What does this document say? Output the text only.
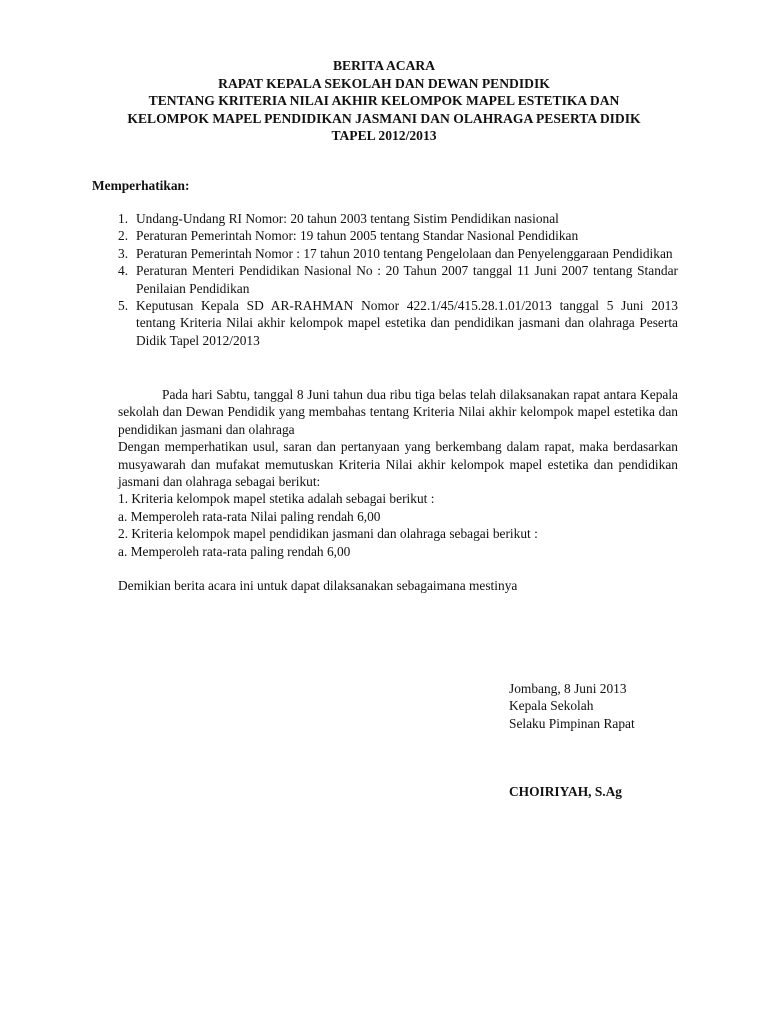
BERITA ACARA
RAPAT KEPALA SEKOLAH DAN DEWAN PENDIDIK
TENTANG KRITERIA NILAI AKHIR KELOMPOK MAPEL ESTETIKA DAN
KELOMPOK MAPEL PENDIDIKAN JASMANI DAN OLAHRAGA PESERTA DIDIK
TAPEL 2012/2013
Memperhatikan:
1. Undang-Undang RI Nomor: 20 tahun 2003 tentang Sistim Pendidikan nasional
2. Peraturan Pemerintah Nomor: 19 tahun 2005 tentang Standar Nasional Pendidikan
3. Peraturan Pemerintah Nomor : 17 tahun 2010 tentang Pengelolaan dan Penyelenggaraan Pendidikan
4. Peraturan Menteri Pendidikan Nasional No : 20 Tahun 2007 tanggal 11 Juni 2007 tentang Standar Penilaian Pendidikan
5. Keputusan Kepala SD AR-RAHMAN Nomor 422.1/45/415.28.1.01/2013 tanggal 5 Juni 2013 tentang Kriteria Nilai akhir kelompok mapel estetika dan pendidikan jasmani dan olahraga Peserta Didik Tapel 2012/2013

Pada hari Sabtu, tanggal 8 Juni tahun dua ribu tiga belas telah dilaksanakan rapat antara Kepala sekolah dan Dewan Pendidik yang membahas tentang Kriteria Nilai akhir kelompok mapel estetika dan pendidikan jasmani dan olahraga

Dengan memperhatikan usul, saran dan pertanyaan yang berkembang dalam rapat, maka berdasarkan musyawarah dan mufakat memutuskan Kriteria Nilai akhir kelompok mapel estetika dan pendidikan jasmani dan olahraga sebagai berikut:

1. Kriteria kelompok mapel stetika adalah sebagai berikut :
a. Memperoleh rata-rata Nilai paling rendah 6,00
2. Kriteria kelompok mapel pendidikan jasmani dan olahraga sebagai berikut :
a. Memperoleh rata-rata paling rendah 6,00
Demikian berita acara ini untuk dapat dilaksanakan sebagaimana mestinya
Jombang, 8 Juni 2013
Kepala Sekolah
Selaku Pimpinan Rapat
CHOIRIYAH, S.Ag
